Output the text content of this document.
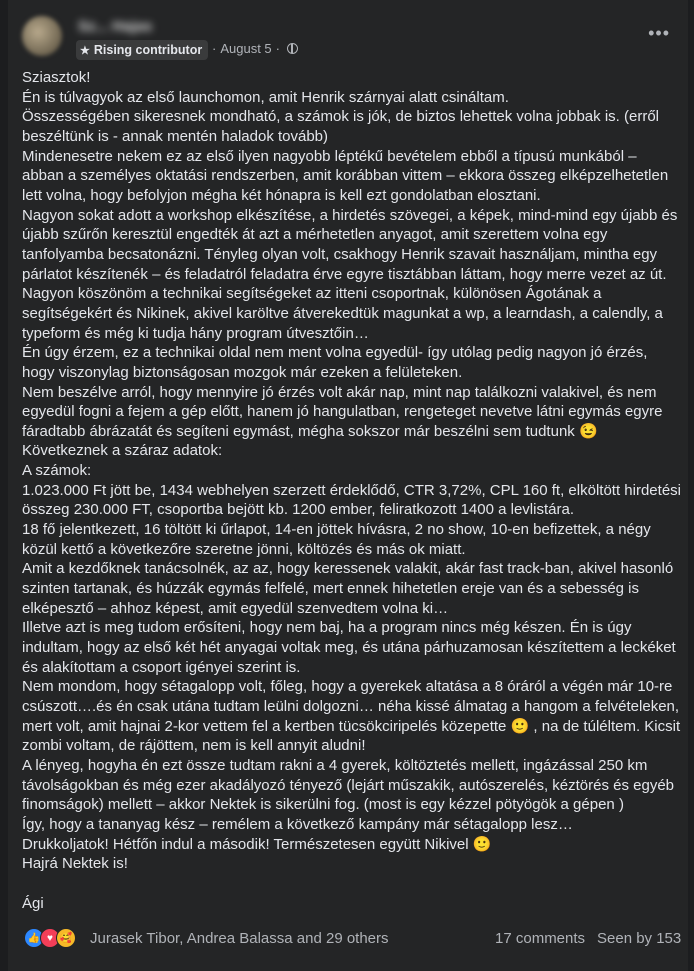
Sz... Hajas
★ Rising contributor · August 5 ·
•••
Sziasztok!
Én is túlvagyok az első launchomon, amit Henrik szárnyai alatt csináltam.
Összességében sikeresnek mondható, a számok is jók, de biztos lehettek volna jobbak is. (erről beszéltünk is - annak mentén haladok tovább)
Mindenesetre nekem ez az első ilyen nagyobb léptékű bevételem ebből a típusú munkából – abban a személyes oktatási rendszerben, amit korábban vittem – ekkora összeg elképzelhetetlen lett volna, hogy befolyjon mégha két hónapra is kell ezt gondolatban elosztani.
Nagyon sokat adott a workshop elkészítése, a hirdetés szövegei, a képek, mind-mind egy újabb és újabb szűrőn keresztül engedték át azt a mérhetetlen anyagot, amit szerettem volna egy tanfolyamba becsatonázni. Tényleg olyan volt, csakhogy Henrik szavait használjam, mintha egy párlatot készítenék – és feladatról feladatra érve egyre tisztábban láttam, hogy merre vezet az út.
Nagyon köszönöm a technikai segítségeket az itteni csoportnak, különösen Ágotának a segítségekért és Nikinek, akivel karöltve átverekedtük magunkat a wp, a learndash, a calendly, a typeform és még ki tudja hány program útvesztőin…
Én úgy érzem, ez a technikai oldal nem ment volna egyedül- így utólag pedig nagyon jó érzés, hogy viszonylag biztonságosan mozgok már ezeken a felületeken.
Nem beszélve arról, hogy mennyire jó érzés volt akár nap, mint nap találkozni valakivel, és nem egyedül fogni a fejem a gép előtt, hanem jó hangulatban, rengeteget nevetve látni egymás egyre fáradtabb ábrázatát és segíteni egymást, mégha sokszor már beszélni sem tudtunk 😉
Következnek a száraz adatok:
A számok:
1.023.000 Ft jött be, 1434 webhelyen szerzett érdeklődő, CTR 3,72%, CPL 160 ft, elköltött hirdetési összeg 230.000 FT, csoportba bejött kb. 1200 ember, feliratkozott 1400 a levlistára.
18 fő jelentkezett, 16 töltött ki űrlapot, 14-en jöttek hívásra, 2 no show, 10-en befizettek, a négy közül kettő a következőre szeretne jönni, költözés és más ok miatt.
Amit a kezdőknek tanácsolnék, az az, hogy keressenek valakit, akár fast track-ban, akivel hasonló szinten tartanak, és húzzák egymás felfelé, mert ennek hihetetlen ereje van és a sebesség is elképesztő – ahhoz képest, amit egyedül szenvedtem volna ki…
Illetve azt is meg tudom erősíteni, hogy nem baj, ha a program nincs még készen. Én is úgy indultam, hogy az első két hét anyagai voltak meg, és utána párhuzamosan készítettem a leckéket és alakítottam a csoport igényei szerint is.
Nem mondom, hogy sétagalopp volt, főleg, hogy a gyerekek altatása a 8 óráról a végén már 10-re csúszott….és én csak utána tudtam leülni dolgozni… néha kissé álmatag a hangom a felvételeken, mert volt, amit hajnai 2-kor vettem fel a kertben tücsökciripelés közepette 🙂 , na de túléltem. Kicsit zombi voltam, de rájöttem, nem is kell annyit aludni!
A lényeg, hogyha én ezt össze tudtam rakni a 4 gyerek, költöztetés mellett, ingázással 250 km távolságokban és még ezer akadályozó tényező (lejárt műszakik, autószerelés, kéztörés és egyéb finomságok) mellett – akkor Nektek is sikerülni fog. (most is egy kézzel pötyögök a gépen )
Így, hogy a tananyag kész – remélem a következő kampány már sétagalopp lesz…
Drukkoljatok! Hétfőn indul a második! Természetesen együtt Nikivel 🙂
Hajrá Nektek is!

Ági
👍 ♥ 🥰 Jurasek Tibor, Andrea Balassa and 29 others	17 comments Seen by 153
